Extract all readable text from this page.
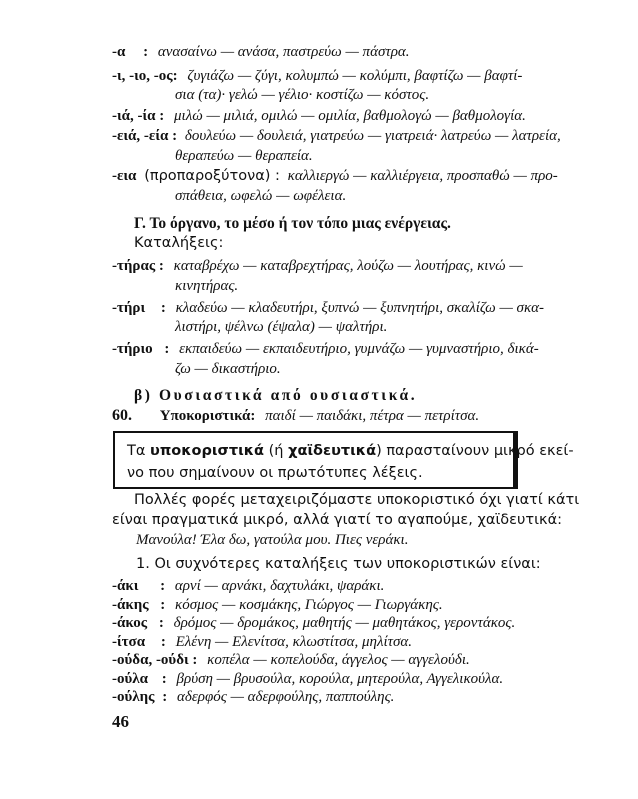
-α : ανασαίνω — ανάσα, παστρεύω — πάστρα.
-ι, -ιο, -ος: ζυγιάζω — ζύγι, κολυμπώ — κολύμπι, βαφτίζω — βαφτί-
σια (τα)· γελώ — γέλιο· κοστίζω — κόστος.
-ιά, -ία : μιλώ — μιλιά, ομιλώ — ομιλία, βαθμολογώ — βαθμολογία.
-ειά, -εία : δουλεύω — δουλειά, γιατρεύω — γιατρειά· λατρεύω — λατρεία,
θεραπεύω — θεραπεία.
-εια (προπαροξύτονα) : καλλιεργώ — καλλιέργεια, προσπαθώ — προ-
σπάθεια, ωφελώ — ωφέλεια.
Γ. Το όργανο, το μέσο ή τον τόπο μιας ενέργειας.
Καταλήξεις:
-τήρας : καταβρέχω — καταβρεχτήρας, λούζω — λουτήρας, κινώ —
κινητήρας.
-τήρι : κλαδεύω — κλαδευτήρι, ξυπνώ — ξυπνητήρι, σκαλίζω — σκα-
λιστήρι, ψέλνω (έψαλα) — ψαλτήρι.
-τήριο : εκπαιδεύω — εκπαιδευτήριο, γυμνάζω — γυμναστήριο, δικά-
ζω — δικαστήριο.
β) Ουσιαστικά από ουσιαστικά.
60. Υποκοριστικά: παιδί — παιδάκι, πέτρα — πετρίτσα.
Τα υποκοριστικά (ή χαϊδευτικά) παρασταίνουν μικρό εκεί-
νο που σημαίνουν οι πρωτότυπες λέξεις.
Πολλές φορές μεταχειριζόμαστε υποκοριστικό όχι γιατί κάτι
είναι πραγματικά μικρό, αλλά γιατί το αγαπούμε, χαϊδευτικά:
Μανούλα! Έλα δω, γατούλα μου. Πιες νεράκι.
1. Οι συχνότερες καταλήξεις των υποκοριστικών είναι:
-άκι : αρνί — αρνάκι, δαχτυλάκι, ψαράκι.
-άκης : κόσμος — κοσμάκης, Γιώργος — Γιωργάκης.
-άκος : δρόμος — δρομάκος, μαθητής — μαθητάκος, γεροντάκος.
-ίτσα : Ελένη — Ελενίτσα, κλωστίτσα, μηλίτσα.
-ούδα, -ούδι : κοπέλα — κοπελούδα, άγγελος — αγγελούδι.
-ούλα : βρύση — βρυσούλα, κορούλα, μητερούλα, Αγγελικούλα.
-ούλης : αδερφός — αδερφούλης, παππούλης.
46
